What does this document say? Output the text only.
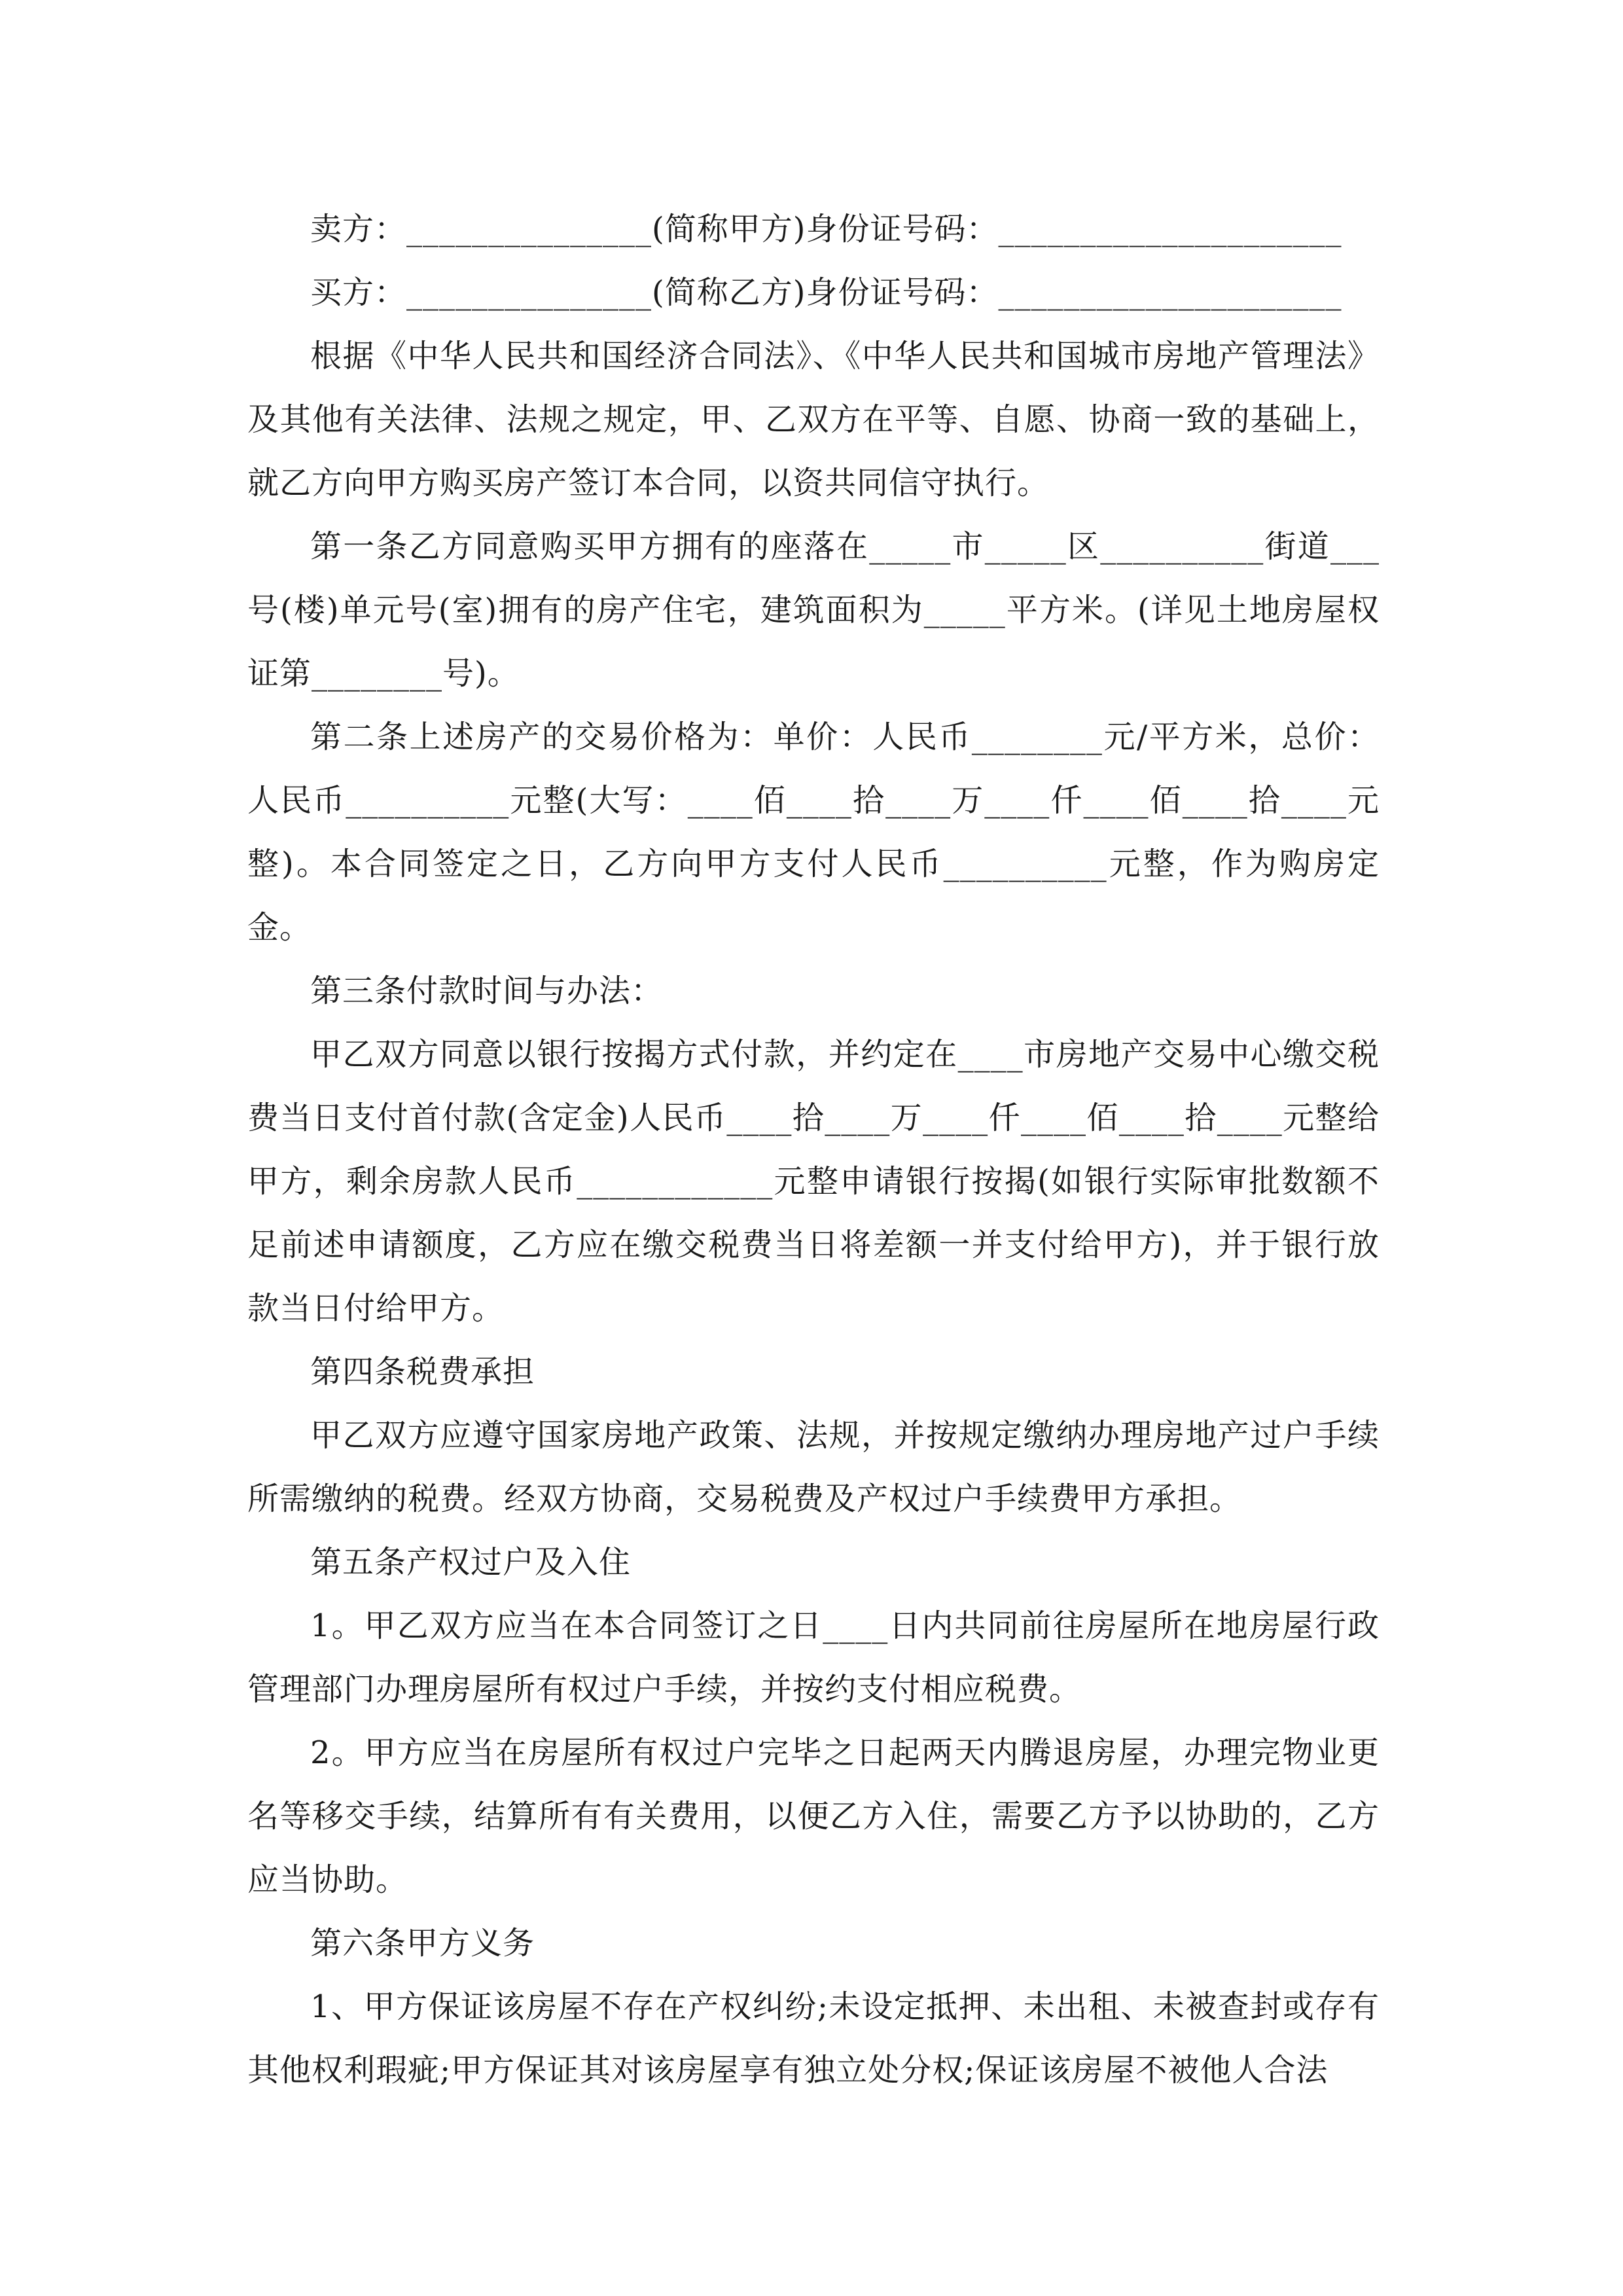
卖方：_______________(简称甲方)身份证号码：_____________________

买方：_______________(简称乙方)身份证号码：_____________________

根据《中华人民共和国经济合同法》、《中华人民共和国城市房地产管理法》及其他有关法律、法规之规定，甲、乙双方在平等、自愿、协商一致的基础上，就乙方向甲方购买房产签订本合同，以资共同信守执行。

第一条乙方同意购买甲方拥有的座落在_____市_____区__________街道___号(楼)单元号(室)拥有的房产住宅，建筑面积为_____平方米。(详见土地房屋权证第________号)。

第二条上述房产的交易价格为：单价：人民币________元/平方米，总价：人民币__________元整(大写：____佰____拾____万____仟____佰____拾____元整)。本合同签定之日，乙方向甲方支付人民币__________元整，作为购房定金。

第三条付款时间与办法：

甲乙双方同意以银行按揭方式付款，并约定在____市房地产交易中心缴交税费当日支付首付款(含定金)人民币____拾____万____仟____佰____拾____元整给甲方，剩余房款人民币____________元整申请银行按揭(如银行实际审批数额不足前述申请额度，乙方应在缴交税费当日将差额一并支付给甲方)，并于银行放款当日付给甲方。

第四条税费承担

甲乙双方应遵守国家房地产政策、法规，并按规定缴纳办理房地产过户手续所需缴纳的税费。经双方协商，交易税费及产权过户手续费甲方承担。

第五条产权过户及入住

1。甲乙双方应当在本合同签订之日____日内共同前往房屋所在地房屋行政管理部门办理房屋所有权过户手续，并按约支付相应税费。

2。甲方应当在房屋所有权过户完毕之日起两天内腾退房屋，办理完物业更名等移交手续，结算所有有关费用，以便乙方入住，需要乙方予以协助的，乙方应当协助。

第六条甲方义务

1、甲方保证该房屋不存在产权纠纷;未设定抵押、未出租、未被查封或存有其他权利瑕疵;甲方保证其对该房屋享有独立处分权;保证该房屋不被他人合法
